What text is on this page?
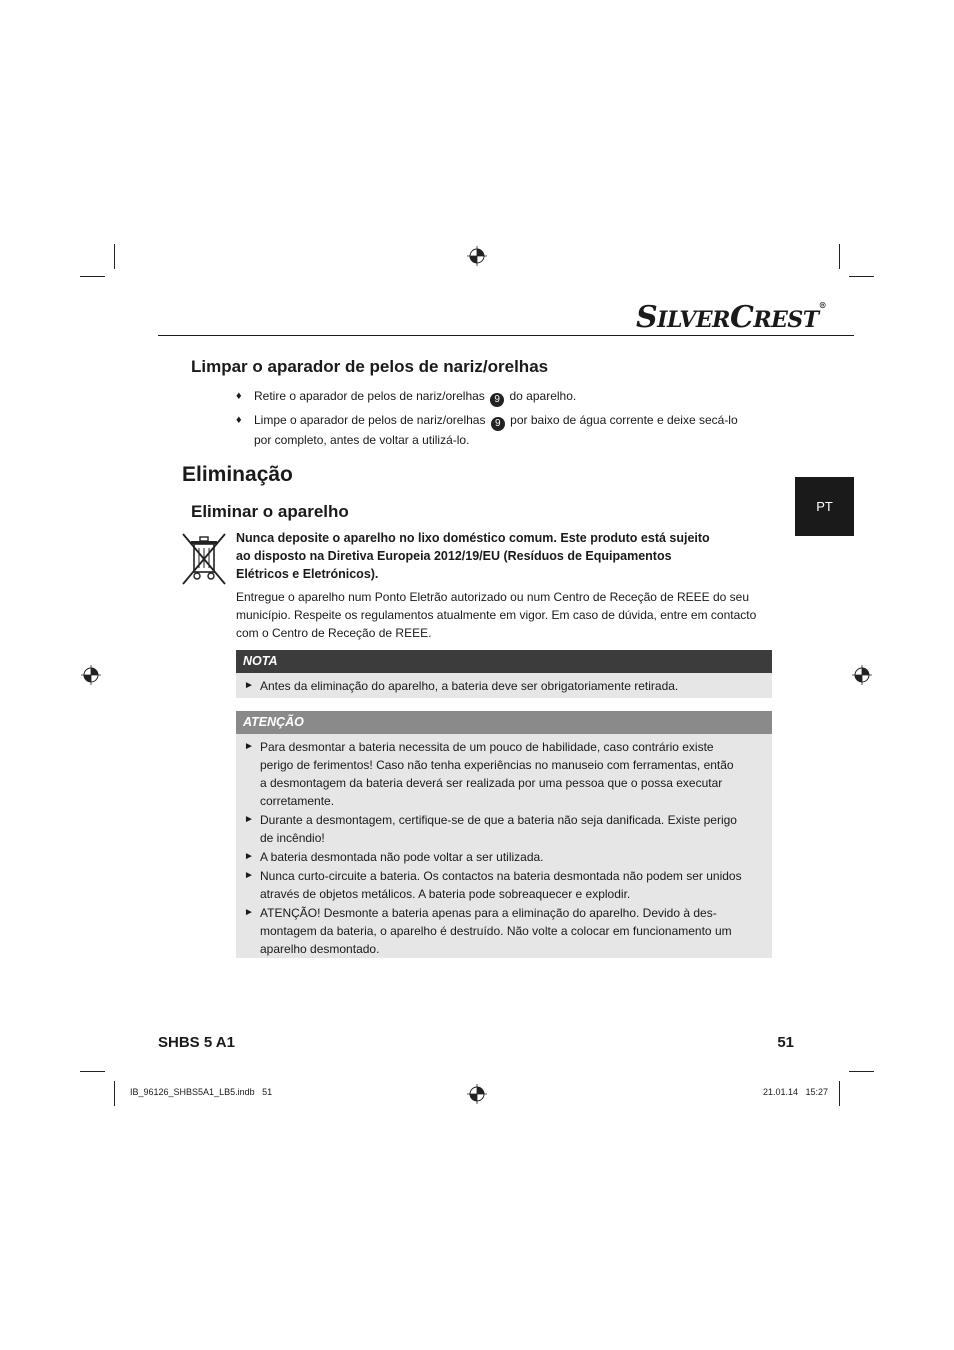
SILVERCREST®
Limpar o aparador de pelos de nariz/orelhas
♦ Retire o aparador de pelos de nariz/orelhas 9 do aparelho.
♦ Limpe o aparador de pelos de nariz/orelhas 9 por baixo de água corrente e deixe secá-lo
por completo, antes de voltar a utilizá-lo.
Eliminação
Eliminar o aparelho	PT
Nunca deposite o aparelho no lixo doméstico comum. Este produto está sujeito
ao disposto na Diretiva Europeia 2012/19/EU (Resíduos de Equipamentos
Elétricos e Eletrónicos).
Entregue o aparelho num Ponto Eletrão autorizado ou num Centro de Receção de REEE do seu
município. Respeite os regulamentos atualmente em vigor. Em caso de dúvida, entre em contacto
com o Centro de Receção de REEE.
NOTA
► Antes da eliminação do aparelho, a bateria deve ser obrigatoriamente retirada.
ATENÇÃO
► Para desmontar a bateria necessita de um pouco de habilidade, caso contrário existe
perigo de ferimentos! Caso não tenha experiências no manuseio com ferramentas, então
a desmontagem da bateria deverá ser realizada por uma pessoa que o possa executar
corretamente.
► Durante a desmontagem, certifique-se de que a bateria não seja danificada. Existe perigo
de incêndio!
► A bateria desmontada não pode voltar a ser utilizada.
► Nunca curto-circuite a bateria. Os contactos na bateria desmontada não podem ser unidos
através de objetos metálicos. A bateria pode sobreaquecer e explodir.
► ATENÇÃO! Desmonte a bateria apenas para a eliminação do aparelho. Devido à des-
montagem da bateria, o aparelho é destruído. Não volte a colocar em funcionamento um
aparelho desmontado.
SHBS 5 A1	51
IB_96126_SHBS5A1_LB5.indb   51	21.01.14   15:27
